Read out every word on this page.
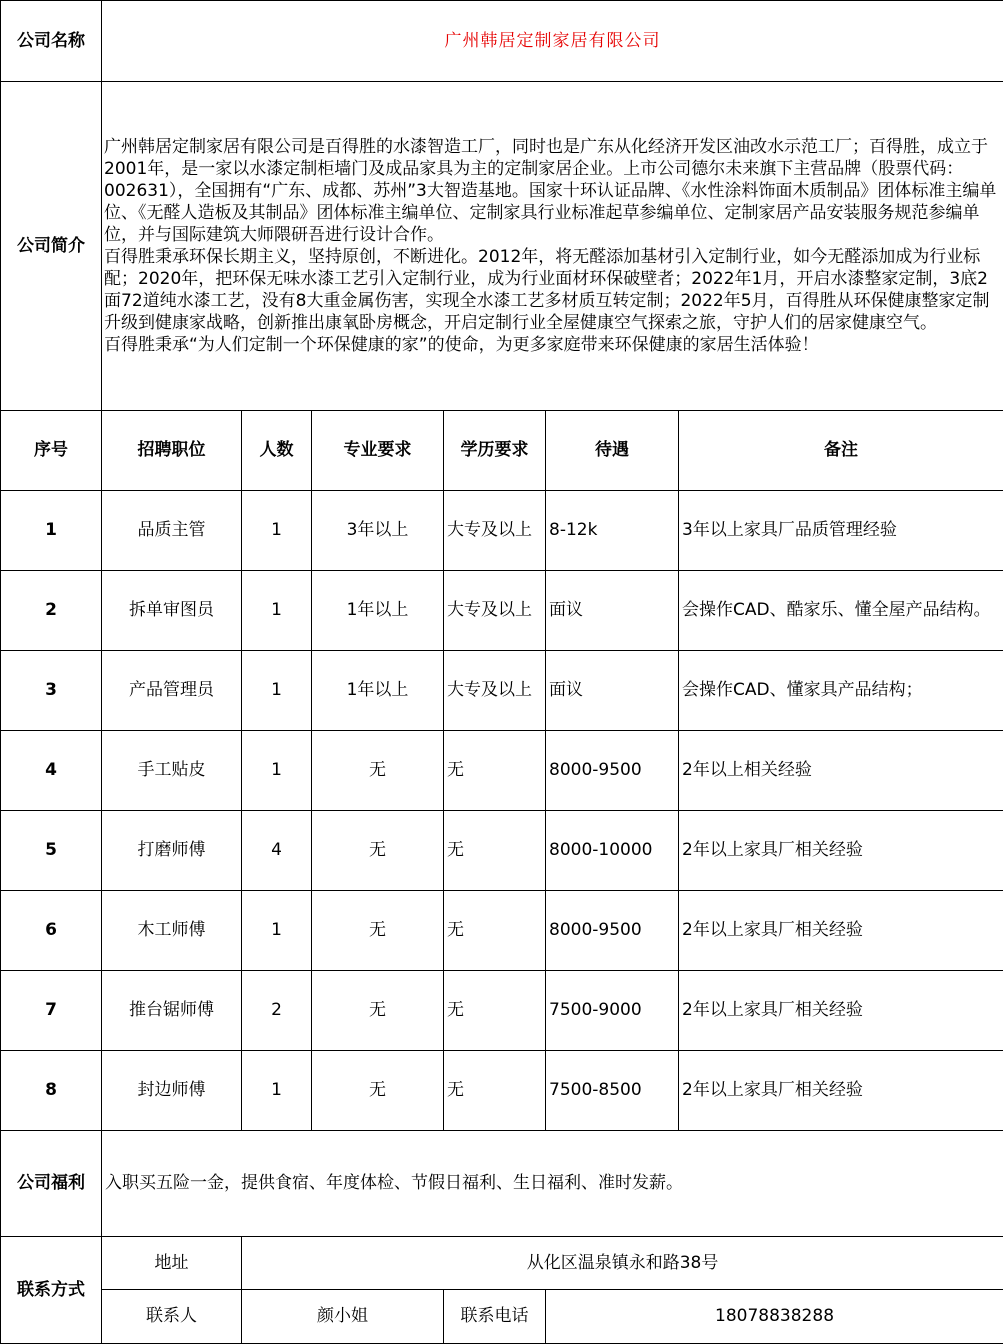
公司名称	广州韩居定制家居有限公司					
公司简介	广州韩居定制家居有限公司是百得胜的水漆智造工厂，同时也是广东从化经济开发区油改水示范工厂；百得胜，成立于2001年，是一家以水漆定制柜墙门及成品家具为主的定制家居企业。上市公司德尔未来旗下主营品牌（股票代码：002631），全国拥有“广东、成都、苏州”3大智造基地。国家十环认证品牌、《水性涂料饰面木质制品》团体标准主编单位、《无醛人造板及其制品》团体标准主编单位、定制家具行业标准起草参编单位、定制家居产品安装服务规范参编单位，并与国际建筑大师隈研吾进行设计合作。

百得胜秉承环保长期主义，坚持原创，不断进化。2012年，将无醛添加基材引入定制行业，如今无醛添加成为行业标配；2020年，把环保无味水漆工艺引入定制行业，成为行业面材环保破壁者；2022年1月，开启水漆整家定制，3底2 面72道纯水漆工艺，没有8大重金属伤害，实现全水漆工艺多材质互转定制；2022年5月，百得胜从环保健康整家定制升级到健康家战略，创新推出康氧卧房概念，开启定制行业全屋健康空气探索之旅，守护人们的居家健康空气。

百得胜秉承“为人们定制一个环保健康的家”的使命，为更多家庭带来环保健康的家居生活体验！					

序号	招聘职位	人数	专业要求	学历要求	待遇	备注
1	品质主管	1	3年以上	大专及以上	8-12k	3年以上家具厂品质管理经验
2	拆单审图员	1	1年以上	大专及以上	面议	会操作CAD、酷家乐、懂全屋产品结构。
3	产品管理员	1	1年以上	大专及以上	面议	会操作CAD、懂家具产品结构；
4	手工贴皮	1	无	无	8000-9500	2年以上相关经验
5	打磨师傅	4	无	无	8000-10000	2年以上家具厂相关经验
6	木工师傅	1	无	无	8000-9500	2年以上家具厂相关经验
7	推台锯师傅	2	无	无	7500-9000	2年以上家具厂相关经验
8	封边师傅	1	无	无	7500-8500	2年以上家具厂相关经验
公司福利	入职买五险一金，提供食宿、年度体检、节假日福利、生日福利、准时发薪。					
联系方式	地址	从化区温泉镇永和路38号				
	联系人	颜小姐		联系电话	18078838288	
